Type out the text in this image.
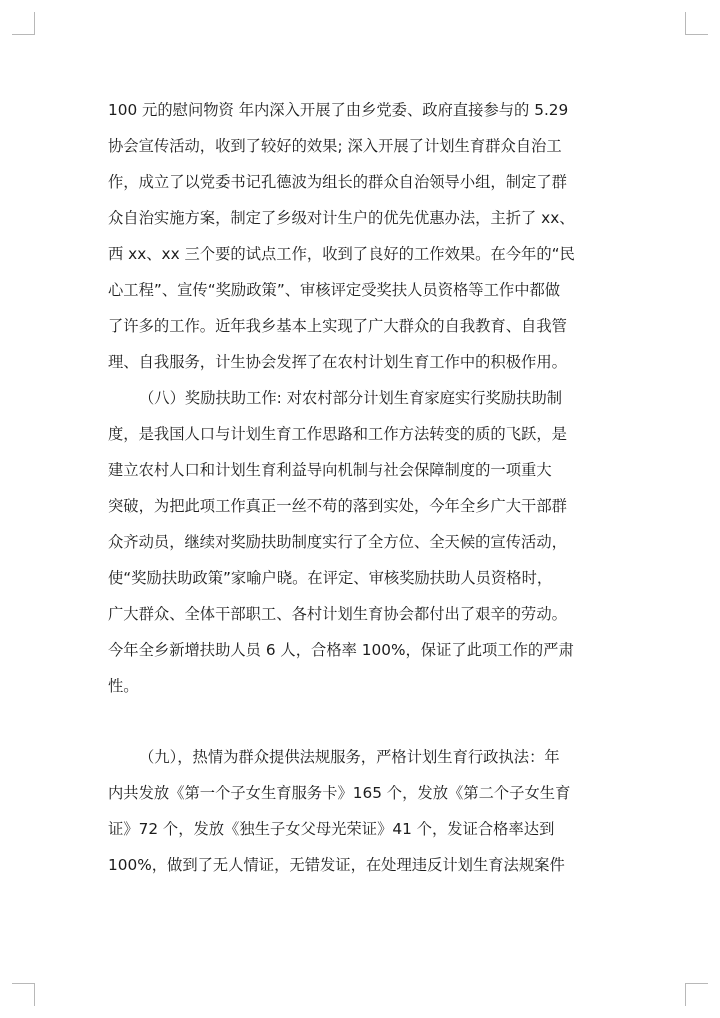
100 元的慰问物资 年内深入开展了由乡党委、政府直接参与的 5.29
协会宣传活动，收到了较好的效果; 深入开展了计划生育群众自治工
作，成立了以党委书记孔德波为组长的群众自治领导小组，制定了群
众自治实施方案，制定了乡级对计生户的优先优惠办法，主折了 xx、
西 xx、xx 三个要的试点工作，收到了良好的工作效果。在今年的“民
心工程”、宣传“奖励政策”、审核评定受奖扶人员资格等工作中都做
了许多的工作。近年我乡基本上实现了广大群众的自我教育、自我管
理、自我服务，计生协会发挥了在农村计划生育工作中的积极作用。
（八）奖励扶助工作: 对农村部分计划生育家庭实行奖励扶助制
度，是我国人口与计划生育工作思路和工作方法转变的质的飞跃，是
建立农村人口和计划生育利益导向机制与社会保障制度的一项重大
突破，为把此项工作真正一丝不苟的落到实处，今年全乡广大干部群
众齐动员，继续对奖励扶助制度实行了全方位、全天候的宣传活动，
使“奖励扶助政策”家喻户晓。在评定、审核奖励扶助人员资格时，
广大群众、全体干部职工、各村计划生育协会都付出了艰辛的劳动。
今年全乡新增扶助人员 6 人，合格率 100%，保证了此项工作的严肃
性。
（九），热情为群众提供法规服务，严格计划生育行政执法：年
内共发放《第一个子女生育服务卡》165 个，发放《第二个子女生育
证》72 个，发放《独生子女父母光荣证》41 个，发证合格率达到
100%，做到了无人情证，无错发证，在处理违反计划生育法规案件
